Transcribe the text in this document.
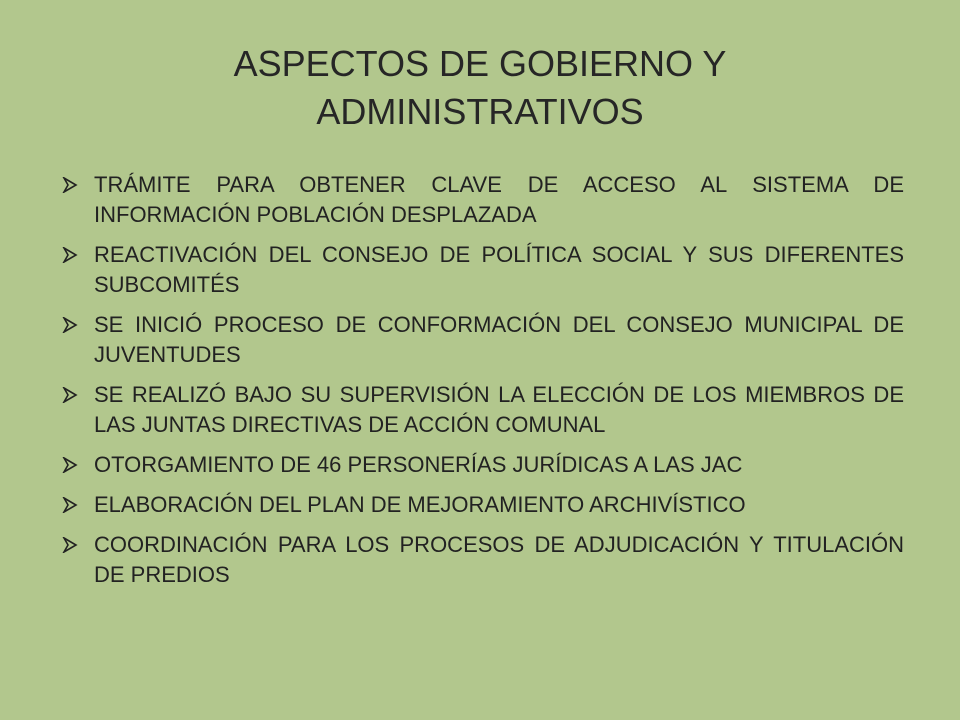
ASPECTOS DE GOBIERNO Y
ADMINISTRATIVOS
TRÁMITE PARA OBTENER CLAVE DE ACCESO AL SISTEMA DE INFORMACIÓN POBLACIÓN DESPLAZADA
REACTIVACIÓN DEL CONSEJO DE POLÍTICA SOCIAL Y SUS DIFERENTES SUBCOMITÉS
SE INICIÓ PROCESO DE CONFORMACIÓN DEL CONSEJO MUNICIPAL DE JUVENTUDES
SE REALIZÓ BAJO SU SUPERVISIÓN LA ELECCIÓN DE LOS MIEMBROS DE LAS JUNTAS DIRECTIVAS DE ACCIÓN COMUNAL
OTORGAMIENTO DE 46 PERSONERÍAS JURÍDICAS A LAS JAC
ELABORACIÓN DEL PLAN DE MEJORAMIENTO ARCHIVÍSTICO
COORDINACIÓN PARA LOS PROCESOS DE ADJUDICACIÓN Y TITULACIÓN DE PREDIOS
